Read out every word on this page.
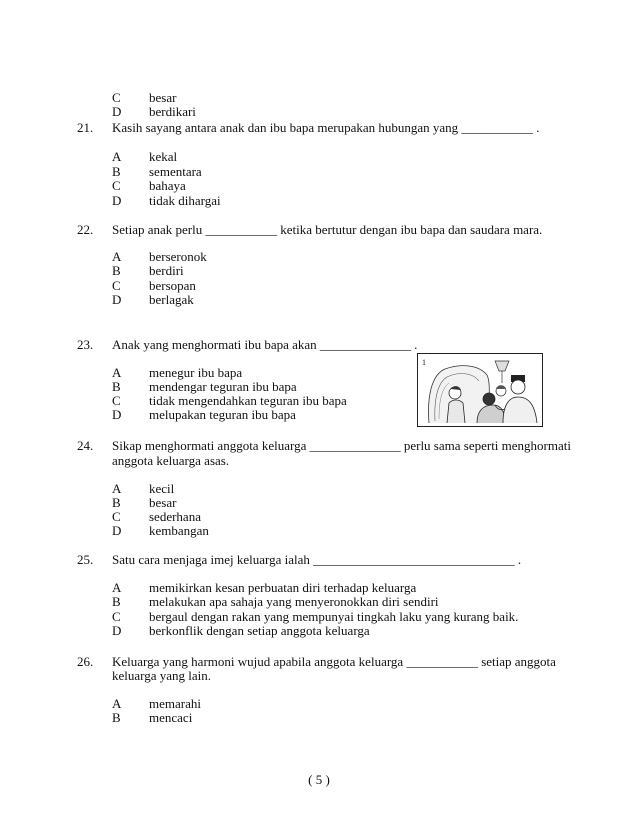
C besar
D berdikari
21. Kasih sayang antara anak dan ibu bapa merupakan hubungan yang ___________ .
A kekal
B sementara
C bahaya
D tidak dihargai
22. Setiap anak perlu ___________ ketika bertutur dengan ibu bapa dan saudara mara.
A berseronok
B berdiri
C bersopan
D berlagak
23. Anak yang menghormati ibu bapa akan ______________ .
A menegur ibu bapa
B mendengar teguran ibu bapa
C tidak mengendahkan teguran ibu bapa
D melupakan teguran ibu bapa
1
24. Sikap menghormati anggota keluarga ______________ perlu sama seperti menghormati
anggota keluarga asas.
A kecil
B besar
C sederhana
D kembangan
25. Satu cara menjaga imej keluarga ialah _______________________________ .
A memikirkan kesan perbuatan diri terhadap keluarga
B melakukan apa sahaja yang menyeronokkan diri sendiri
C bergaul dengan rakan yang mempunyai tingkah laku yang kurang baik.
D berkonflik dengan setiap anggota keluarga
26. Keluarga yang harmoni wujud apabila anggota keluarga ___________ setiap anggota
keluarga yang lain.
A memarahi
B mencaci
( 5 )
